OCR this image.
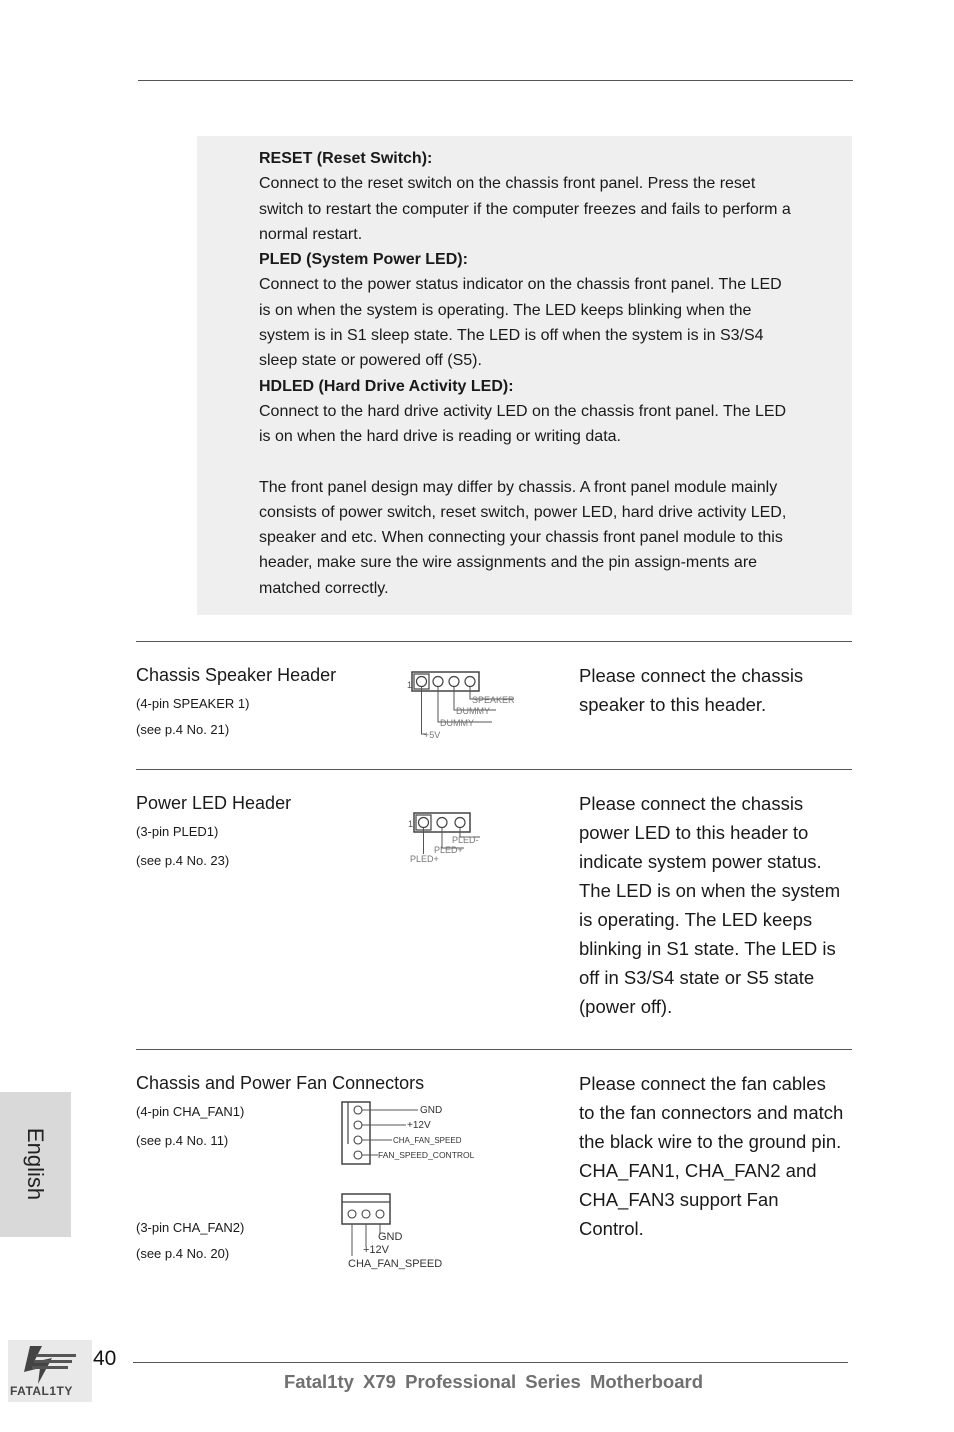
RESET (Reset Switch):

Connect to the reset switch on the chassis front panel. Press the reset

switch to restart the computer if the computer freezes and fails to perform a

normal restart.

PLED (System Power LED):

Connect to the power status indicator on the chassis front panel. The LED

is on when the system is operating. The LED keeps blinking when the

system is in S1 sleep state. The LED is off when the system is in S3/S4

sleep state or powered off (S5).

HDLED (Hard Drive Activity LED):

Connect to the hard drive activity LED on the chassis front panel. The LED

is on when the hard drive is reading or writing data.

The front panel design may differ by chassis. A front panel module mainly

consists of power switch, reset switch, power LED, hard drive activity LED,

speaker and etc. When connecting your chassis front panel module to this

header, make sure the wire assignments and the pin assign-ments are

matched correctly.

Chassis Speaker Header
(4-pin SPEAKER 1)
(see p.4 No. 21)
1
SPEAKER
DUMMY
DUMMY
+5V

Please connect the chassis

speaker to this header.

Power LED Header
(3-pin PLED1)
(see p.4 No. 23)
1
PLED-
PLED+
PLED+

Please connect the chassis

power LED to this header to

indicate system power status.

The LED is on when the system

is operating. The LED keeps

blinking in S1 state. The LED is

off in S3/S4 state or S5 state

(power off).

Chassis and Power Fan Connectors
(4-pin CHA_FAN1)
(see p.4 No. 11)
(3-pin CHA_FAN2)
(see p.4 No. 20)
GND
+12V
CHA_FAN_SPEED
FAN_SPEED_CONTROL
GND
+12V
CHA_FAN_SPEED

Please connect the fan cables

to the fan connectors and match

the black wire to the ground pin.

CHA_FAN1, CHA_FAN2 and

CHA_FAN3 support Fan

Control.

English
FATAL1TY
40
Fatal1ty X79 Professional Series Motherboard
